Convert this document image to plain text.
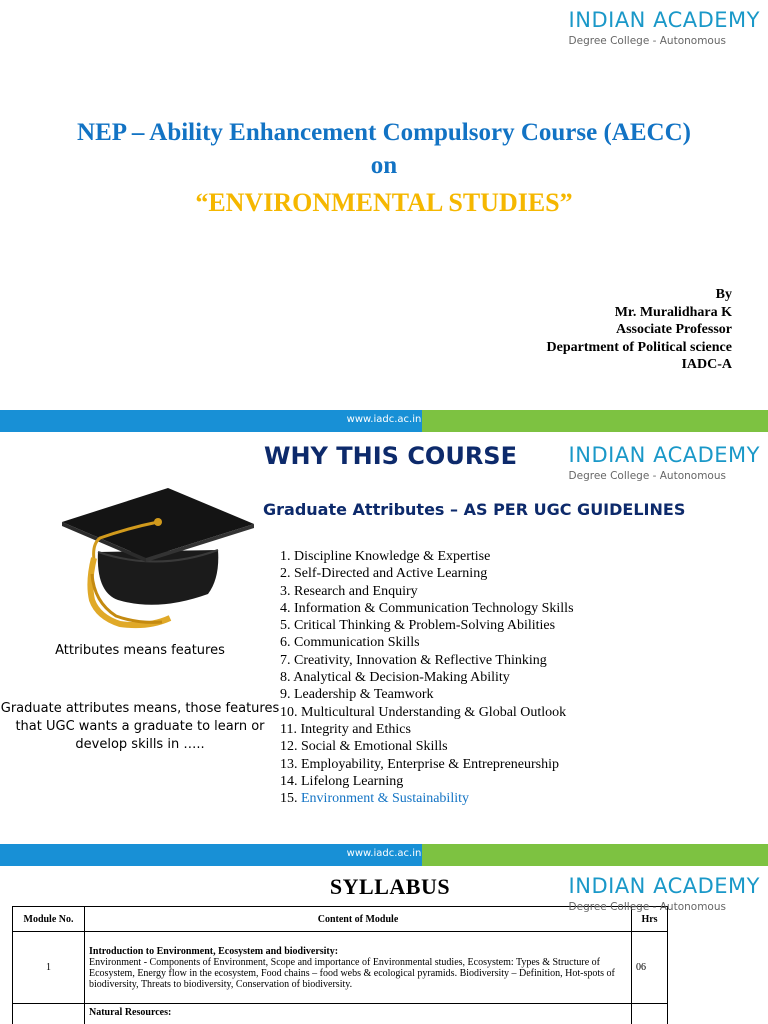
INDIAN ACADEMY
Degree College - Autonomous
NEP – Ability Enhancement Compulsory Course (AECC)
on
“ENVIRONMENTAL STUDIES”
By
Mr. Muralidhara K
Associate Professor
Department of Political science
IADC-A
www.iadc.ac.in
INDIAN ACADEMY
Degree College - Autonomous
WHY THIS COURSE
Graduate Attributes – AS PER UGC GUIDELINES
Attributes means features
Graduate attributes means, those features that UGC wants a graduate to learn or develop skills in …..
1. Discipline Knowledge & Expertise
2. Self-Directed and Active Learning
3. Research and Enquiry
4. Information & Communication Technology Skills
5. Critical Thinking & Problem-Solving Abilities
6. Communication Skills
7. Creativity, Innovation & Reflective Thinking
8. Analytical & Decision-Making Ability
9. Leadership & Teamwork
10. Multicultural Understanding & Global Outlook
11. Integrity and Ethics
12. Social & Emotional Skills
13. Employability, Enterprise & Entrepreneurship
14. Lifelong Learning
15. Environment & Sustainability
www.iadc.ac.in
SYLLABUS
Module No.	Content of Module	Hrs
1	Introduction to Environment, Ecosystem and biodiversity:
Environment - Components of Environment, Scope and importance of Environmental studies, Ecosystem: Types & Structure of Ecosystem, Energy flow in the ecosystem, Food chains – food webs & ecological pyramids. Biodiversity – Definition, Hot-spots of biodiversity, Threats to biodiversity, Conservation of biodiversity.	06

	Natural Resources:	

INDIAN ACADEMY
Degree College - Autonomous
